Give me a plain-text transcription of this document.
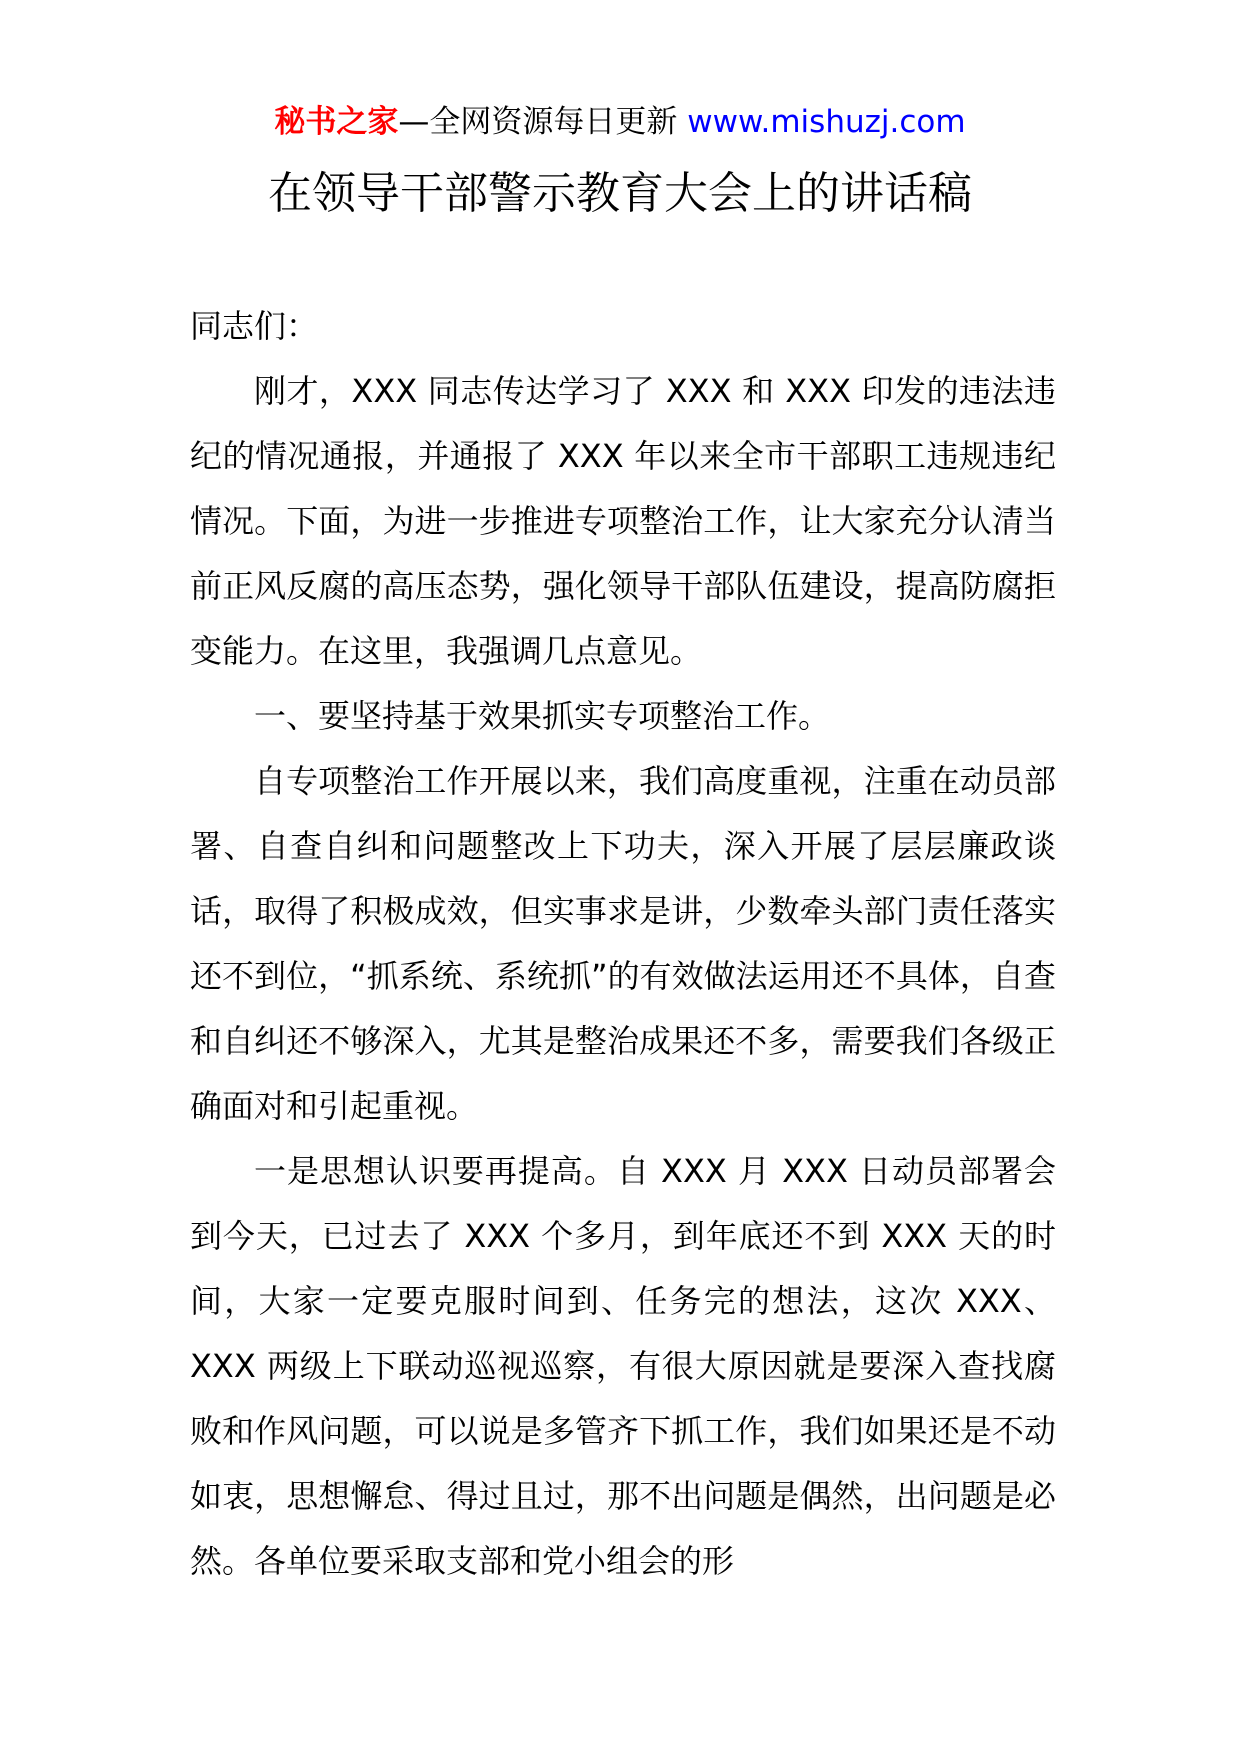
秘书之家—全网资源每日更新 www.mishuzj.com
在领导干部警示教育大会上的讲话稿

同志们：

刚才，XXX 同志传达学习了 XXX 和 XXX 印发的违法违纪的情况通报，并通报了 XXX 年以来全市干部职工违规违纪情况。下面，为进一步推进专项整治工作，让大家充分认清当前正风反腐的高压态势，强化领导干部队伍建设，提高防腐拒变能力。在这里，我强调几点意见。

一、要坚持基于效果抓实专项整治工作。

自专项整治工作开展以来，我们高度重视，注重在动员部署、自查自纠和问题整改上下功夫，深入开展了层层廉政谈话，取得了积极成效，但实事求是讲，少数牵头部门责任落实还不到位，“抓系统、系统抓”的有效做法运用还不具体，自查和自纠还不够深入，尤其是整治成果还不多，需要我们各级正确面对和引起重视。

一是思想认识要再提高。自 XXX 月 XXX 日动员部署会到今天，已过去了 XXX 个多月，到年底还不到 XXX 天的时间，大家一定要克服时间到、任务完的想法，这次 XXX、XXX 两级上下联动巡视巡察，有很大原因就是要深入查找腐败和作风问题，可以说是多管齐下抓工作，我们如果还是不动如衷，思想懈怠、得过且过，那不出问题是偶然，出问题是必然。各单位要采取支部和党小组会的形
